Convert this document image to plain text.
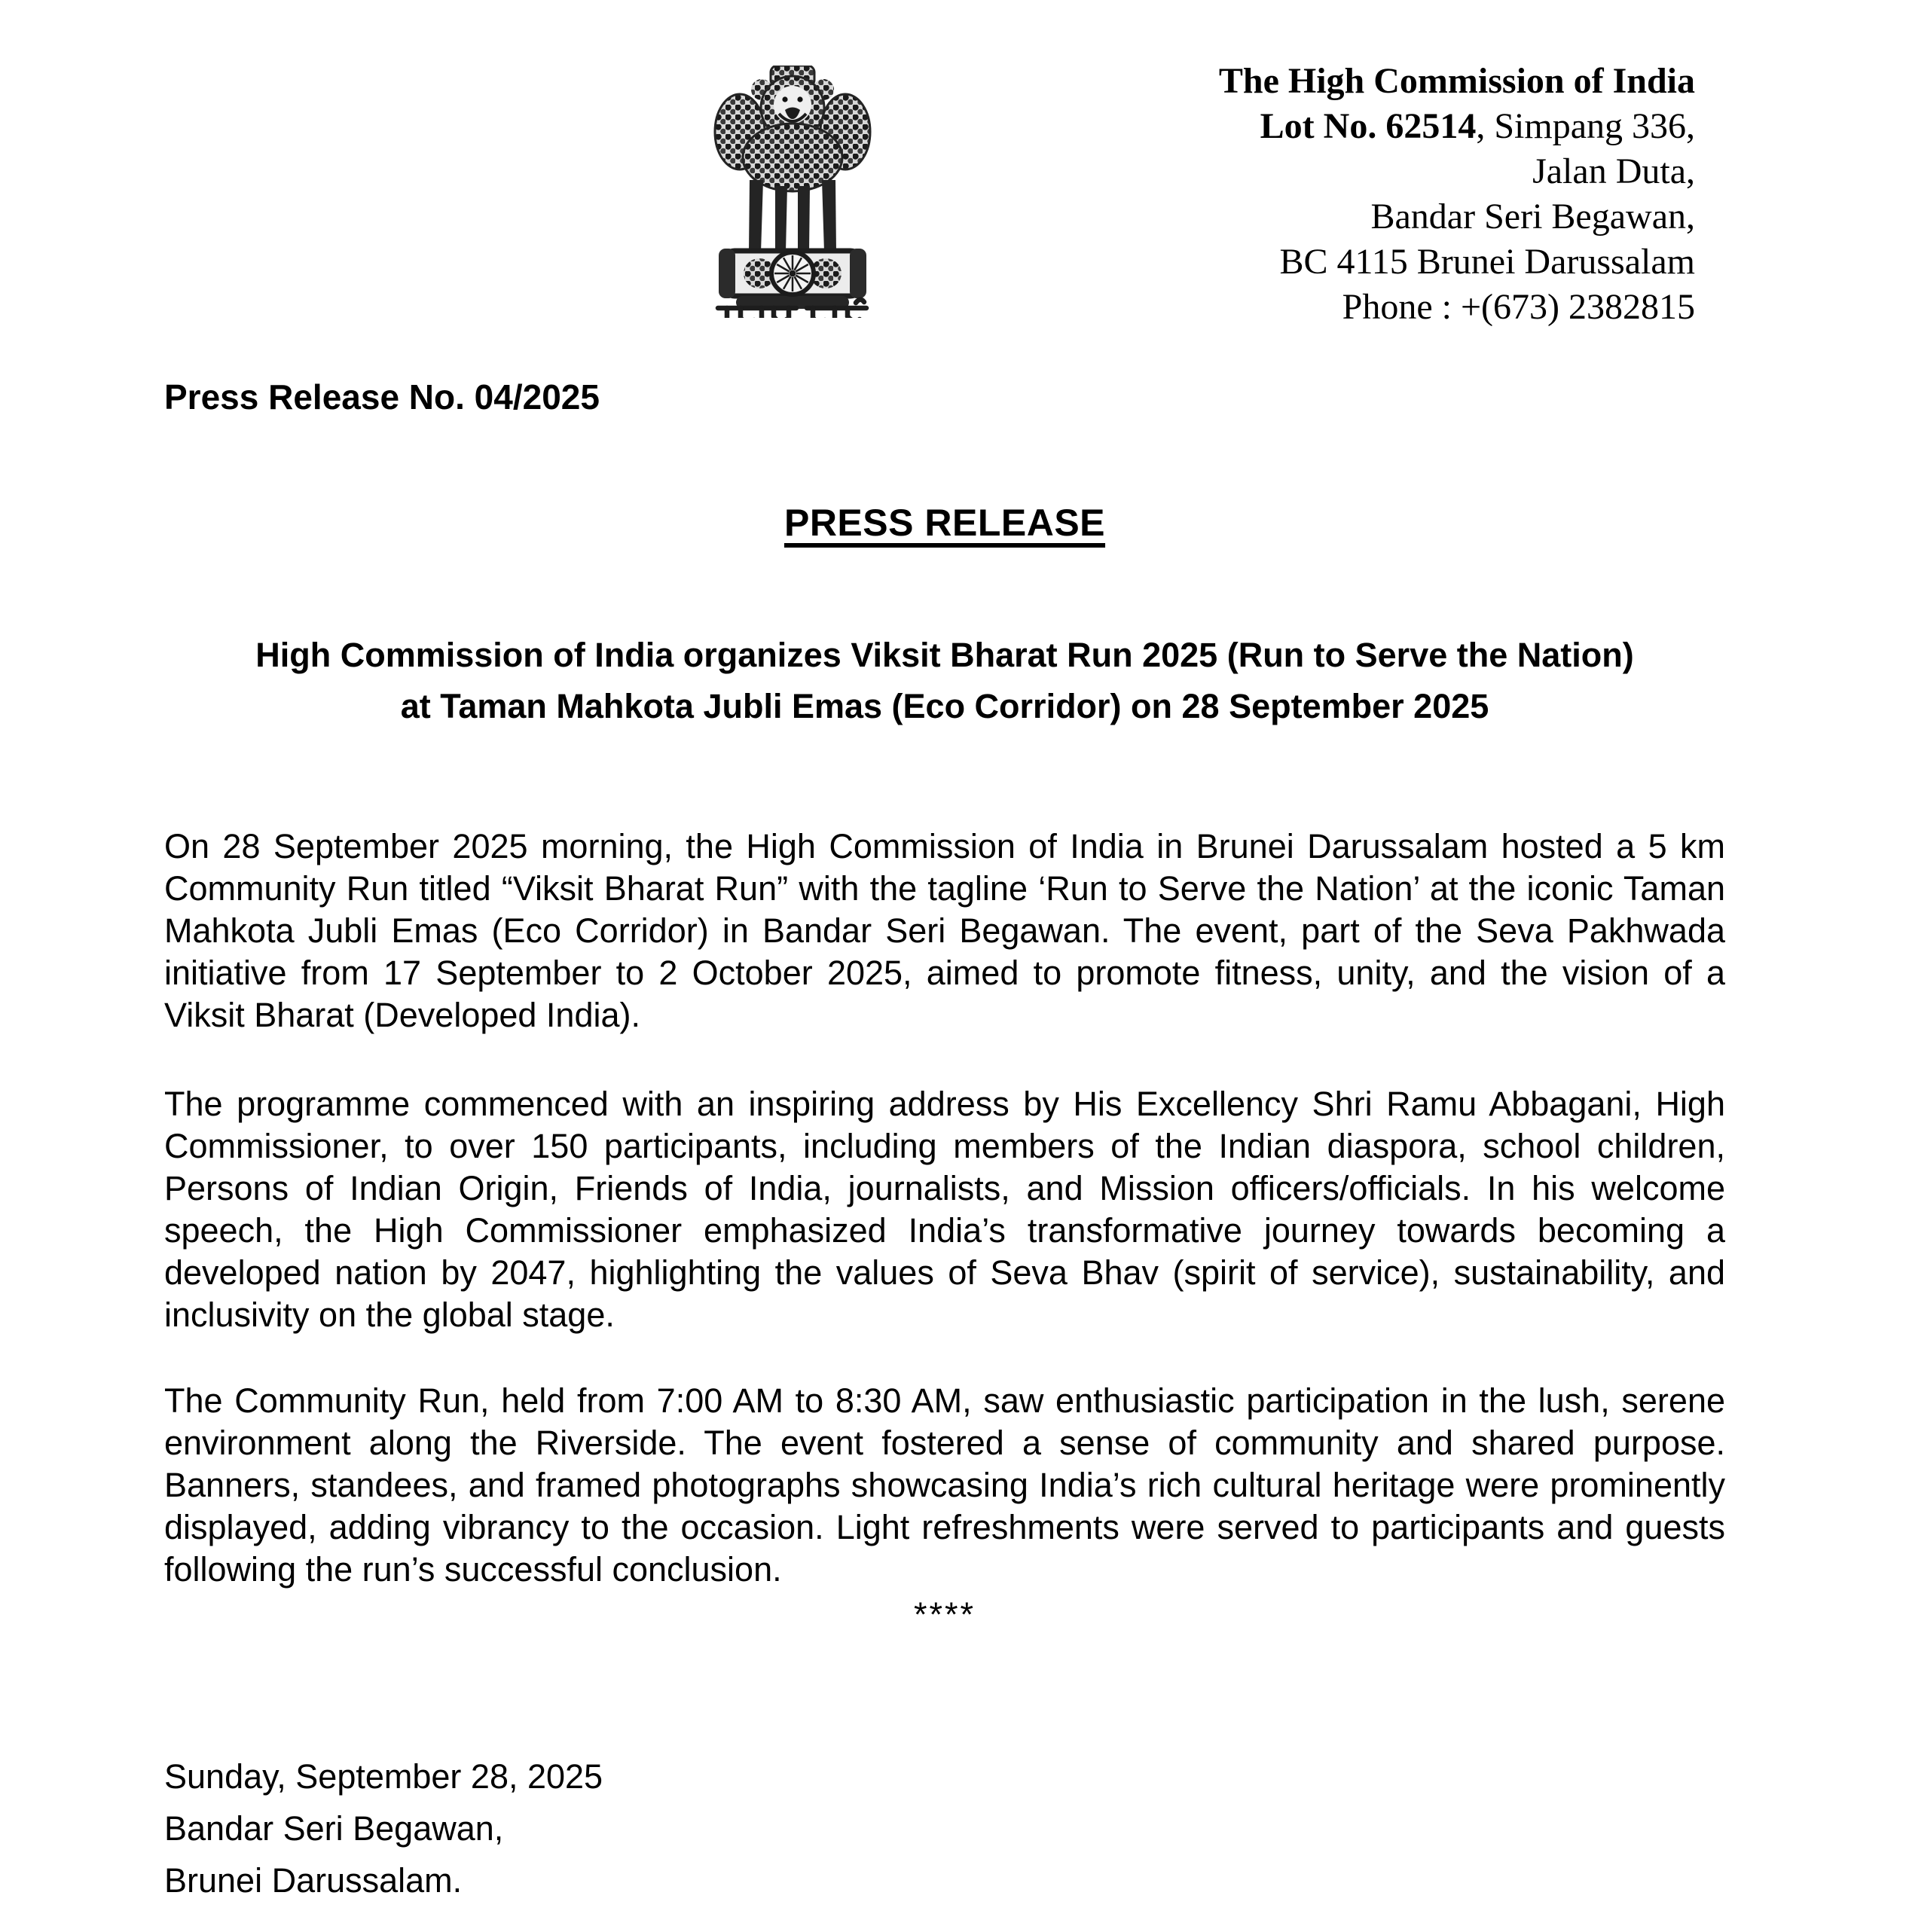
The High Commission of India
Lot No. 62514, Simpang 336,
Jalan Duta,
Bandar Seri Begawan,
BC 4115 Brunei Darussalam
Phone : +(673) 2382815
Press Release No. 04/2025
PRESS RELEASE
High Commission of India organizes Viksit Bharat Run 2025 (Run to Serve the Nation)
at Taman Mahkota Jubli Emas (Eco Corridor) on 28 September 2025
On 28 September 2025 morning, the High Commission of India in Brunei Darussalam hosted a 5 km Community Run titled “Viksit Bharat Run” with the tagline ‘Run to Serve the Nation’ at the iconic Taman Mahkota Jubli Emas (Eco Corridor) in Bandar Seri Begawan. The event, part of the Seva Pakhwada initiative from 17 September to 2 October 2025, aimed to promote fitness, unity, and the vision of a Viksit Bharat (Developed India).
The programme commenced with an inspiring address by His Excellency Shri Ramu Abbagani, High Commissioner, to over 150 participants, including members of the Indian diaspora, school children, Persons of Indian Origin, Friends of India, journalists, and Mission officers/officials. In his welcome speech, the High Commissioner emphasized India’s transformative journey towards becoming a developed nation by 2047, highlighting the values of Seva Bhav (spirit of service), sustainability, and inclusivity on the global stage.
The Community Run, held from 7:00 AM to 8:30 AM, saw enthusiastic participation in the lush, serene environment along the Riverside. The event fostered a sense of community and shared purpose. Banners, standees, and framed photographs showcasing India’s rich cultural heritage were prominently displayed, adding vibrancy to the occasion. Light refreshments were served to participants and guests following the run’s successful conclusion.
****
Sunday, September 28, 2025
Bandar Seri Begawan,
Brunei Darussalam.
